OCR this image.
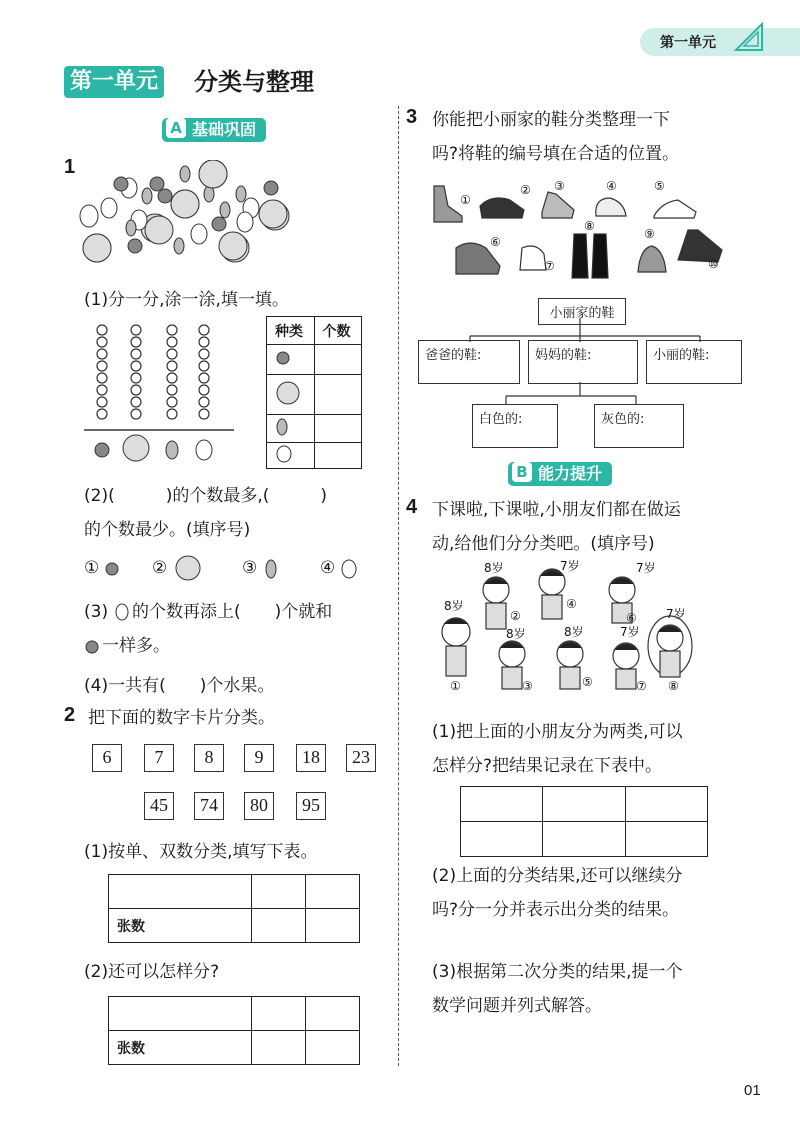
第一单元
第一单元 分类与整理
A 基础巩固
1
(1)分一分,涂一涂,填一填。
种类	个数

(2)(　　　)的个数最多,(　　　)
的个数最少。(填序号)
①	②	③	④
(3) 的个数再添上(　　)个就和
一样多。
(4)一共有(　　)个水果。
2 把下面的数字卡片分类。
6	7	8	9	18	23
45	74	80	95
(1)按单、双数分类,填写下表。

张数		
(2)还可以怎样分?

张数		
3 你能把小丽家的鞋分类整理一下
吗?将鞋的编号填在合适的位置。
①
② ③	④	⑤
⑥
⑦
⑧
⑨
⑩
小丽家的鞋
爸爸的鞋:	妈妈的鞋:	小丽的鞋:
白色的:	灰色的:
B 能力提升
4 下课啦,下课啦,小朋友们都在做运
动,给他们分分类吧。(填序号)
8岁
①
8岁
②
8岁
③
7岁
④
8岁
⑤
7岁
⑥
7岁
⑦
7岁
⑧
(1)把上面的小朋友分为两类,可以
怎样分?把结果记录在下表中。

(2)上面的分类结果,还可以继续分
吗?分一分并表示出分类的结果。
(3)根据第二次分类的结果,提一个
数学问题并列式解答。
01
